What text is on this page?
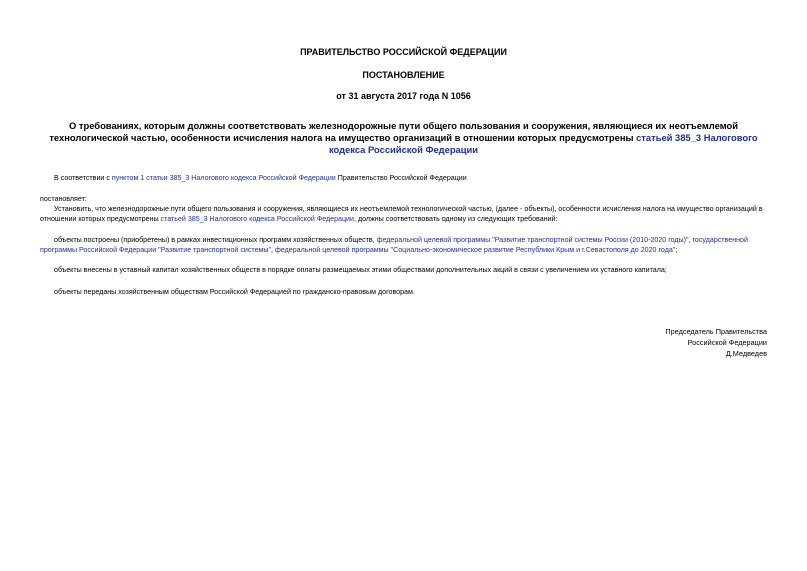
ПРАВИТЕЛЬСТВО РОССИЙСКОЙ ФЕДЕРАЦИИ
ПОСТАНОВЛЕНИЕ
от 31 августа 2017 года N 1056
О требованиях, которым должны соответствовать железнодорожные пути общего пользования и сооружения, являющиеся их неотъемлемой технологической частью, особенности исчисления налога на имущество организаций в отношении которых предусмотрены статьей 385_3 Налогового кодекса Российской Федерации
В соответствии с пунктом 1 статьи 385_3 Налогового кодекса Российской Федерации Правительство Российской Федерации
постановляет:
Установить, что железнодорожные пути общего пользования и сооружения, являющиеся их неотъемлемой технологической частью, (далее - объекты), особенности исчисления налога на имущество организаций в отношении которых предусмотрены статьей 385_3 Налогового кодекса Российской Федерации, должны соответствовать одному из следующих требований:
объекты построены (приобретены) в рамках инвестиционных программ хозяйственных обществ, федеральной целевой программы "Развитие транспортной системы России (2010-2020 годы)", государственной программы Российской Федерации "Развитие транспортной системы", федеральной целевой программы "Социально-экономическое развитие Республики Крым и г.Севастополя до 2020 года";
объекты внесены в уставный капитал хозяйственных обществ в порядке оплаты размещаемых этими обществами дополнительных акций в связи с увеличением их уставного капитала;
объекты переданы хозяйственным обществам Российской Федерацией по гражданско-правовым договорам.
Председатель Правительства
Российской Федерации
Д.Медведев
